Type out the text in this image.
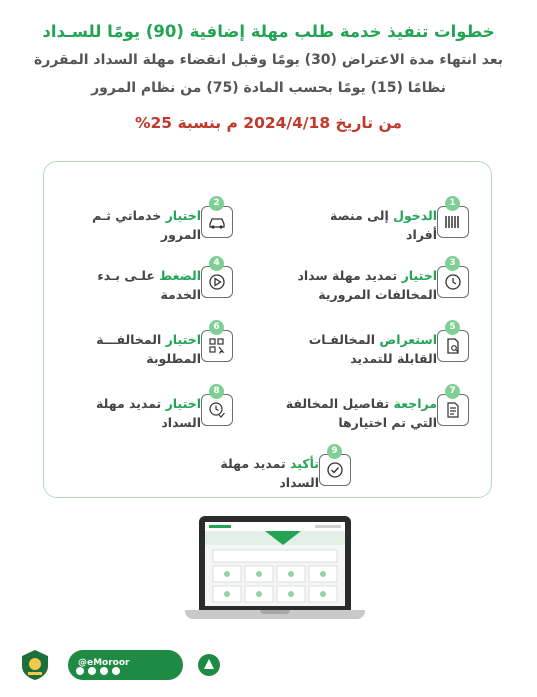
خطوات تنفيذ خدمة طلب مهلة إضافية (90) يومًا للسـداد
بعد انتهاء مدة الاعتراض (30) يومًا وقبل انقضاء مهلة السداد المقررة
نظامًا (15) يومًا بحسب المادة (75) من نظام المرور
من تاريخ 2024/4/18 م بنسبة 25%
1
الدخول إلى منصة
أفراد
2
اختيار خدماتي ثـم
المرور
3
اختيار تمديد مهلة سداد
المخالفات المرورية
4
الضغط علـى بـدء
الخدمة
5
استعراض المخالفـات
القابلة للتمديد
6
اختيار المخالفـــة
المطلوبة
7
مراجعة تفاصيل المخالفة
التي تم اختيارها
8
اختيار تمديد مهلة
السداد
9
تأكيد تمديد مهلة
السداد
@eMoroor
